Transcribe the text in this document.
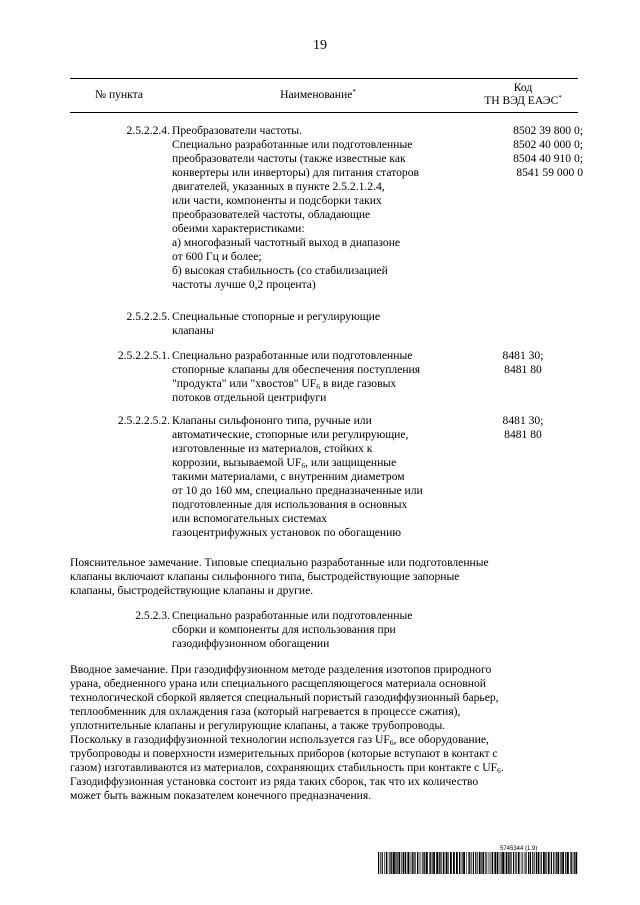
19
№ пункта	Наименование*	Код
ТН ВЭД ЕАЭС*
2.5.2.2.4. Преобразователи частоты.
Специально разработанные или подготовленные
преобразователи частоты (также известные как
конвертеры или инверторы) для питания статоров
двигателей, указанных в пункте 2.5.2.1.2.4,
или части, компоненты и подсборки таких
преобразователей частоты, обладающие
обеими характеристиками:
а) многофазный частотный выход в диапазоне
от 600 Гц и более;
б) высокая стабильность (со стабилизацией
частоты лучше 0,2 процента)
8502 39 800 0;
8502 40 000 0;
8504 40 910 0;
8541 59 000 0
2.5.2.2.5. Специальные стопорные и регулирующие
клапаны
2.5.2.2.5.1. Специально разработанные или подготовленные
стопорные клапаны для обеспечения поступления
"продукта" или "хвостов" $UF_6$ в виде газовых
потоков отдельной центрифуги
8481 30;
8481 80
2.5.2.2.5.2. Клапаны сильфононго типа, ручные или
автоматические, стопорные или регулирующие,
изготовленные из материалов, стойких к
коррозии, вызываемой $UF_6$, или защищенные
такими материалами, с внутренним диаметром
от 10 до 160 мм, специально предназначенные или
подготовленные для использования в основных
или вспомогательных системах
газоцентрифужных установок по обогащению
8481 30;
8481 80
Пояснительное замечание. Типовые специально разработанные или подготовленные
клапаны включают клапаны сильфонного типа, быстродействующие запорные
клапаны, быстродействующие клапаны и другие.
2.5.2.3. Специально разработанные или подготовленные
сборки и компоненты для использования при
газодиффузионном обогащении
Вводное замечание. При газодиффузионном методе разделения изотопов природного
урана, обедненного урана или специального расщепляющегося материала основной
технологической сборкой является специальный пористый газодиффузионный барьер,
теплообменник для охлаждения газа (который нагревается в процессе сжатия),
уплотнительные клапаны и регулирующие клапаны, а также трубопроводы.
Поскольку в газодиффузионной технологии используется газ $UF_6$, все оборудование,
трубопроводы и поверхности измерительных приборов (которые вступают в контакт с
газом) изготавливаются из материалов, сохраняющих стабильность при контакте с $UF_6$.
Газодиффузионная установка состоит из ряда таких сборок, так что их количество
может быть важным показателем конечного предназначения.
5745344 (1.9)
